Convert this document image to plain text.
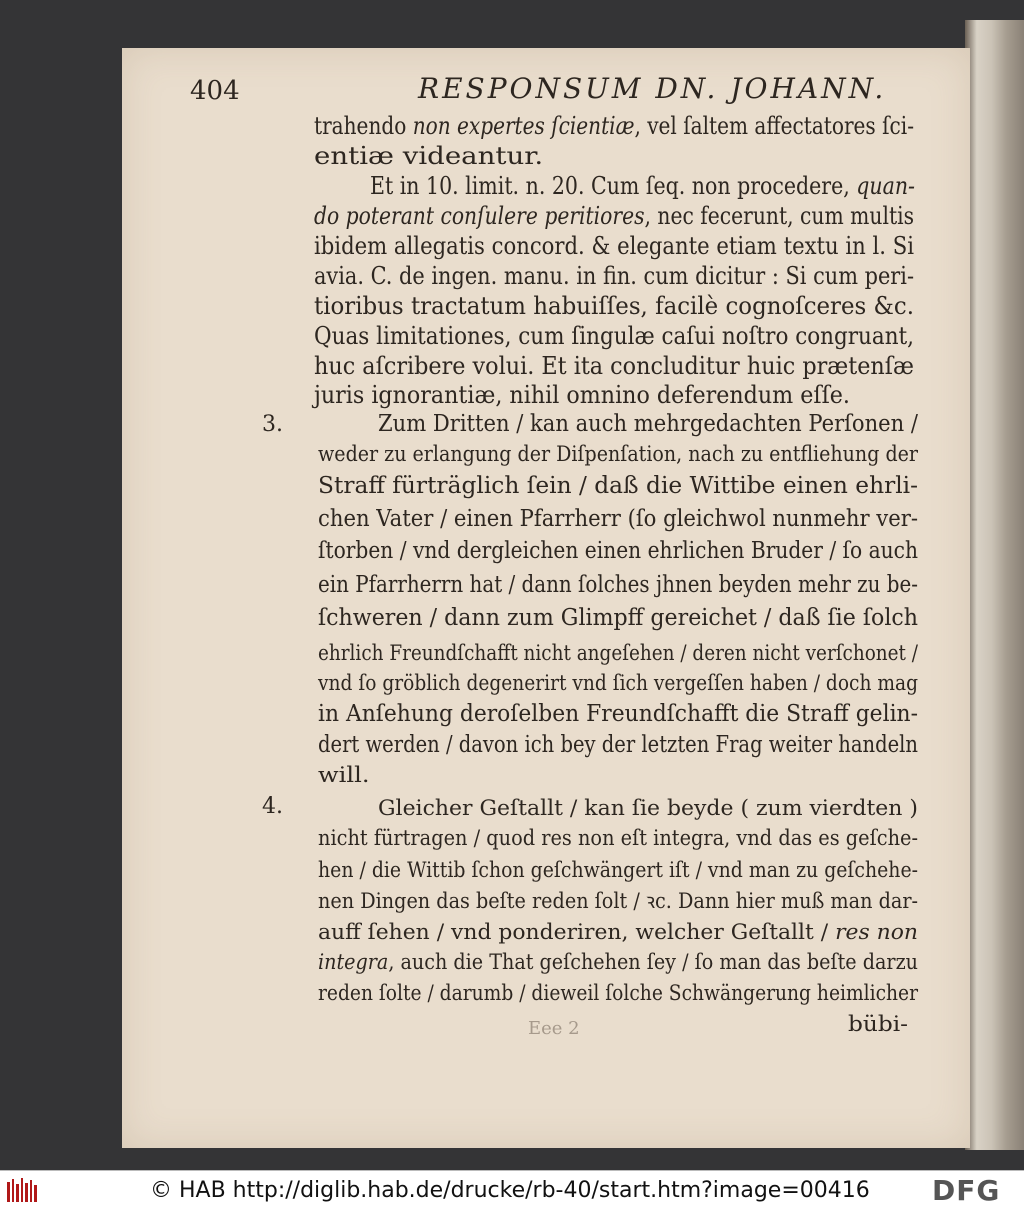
404	RESPONSUM DN. JOHANN.
3.
4.
trahendo non expertes ſcientiæ, vel ſaltem affectatores ſci-
entiæ videantur.
Et in 10. limit. n. 20. Cum ſeq. non procedere, quan-
do poterant conſulere peritiores, nec fecerunt, cum multis
ibidem allegatis concord. & elegante etiam textu in l. Si
avia. C. de ingen. manu. in fin. cum dicitur : Si cum peri-
tioribus tractatum habuiſſes, facilè cognoſceres &c.
Quas limitationes, cum ſingulæ caſui noſtro congruant,
huc aſcribere volui. Et ita concluditur huic prætenſæ
juris ignorantiæ, nihil omnino deferendum eſſe.
Zum Dritten / kan auch mehrgedachten Perſonen /
weder zu erlangung der Diſpenſation, nach zu entfliehung der
Straff fürträglich ſein / daß die Wittibe einen ehrli-
chen Vater / einen Pfarrherr (ſo gleichwol nunmehr ver-
ſtorben / vnd dergleichen einen ehrlichen Bruder / ſo auch
ein Pfarrherrn hat / dann ſolches jhnen beyden mehr zu be-
ſchweren / dann zum Glimpff gereichet / daß ſie ſolch
ehrlich Freundſchafft nicht angeſehen / deren nicht verſchonet /
vnd ſo gröblich degenerirt vnd ſich vergeſſen haben / doch mag
in Anſehung deroſelben Freundſchafft die Straff gelin-
dert werden / davon ich bey der letzten Frag weiter handeln
will.
Gleicher Geſtallt / kan ſie beyde ( zum vierdten )
nicht fürtragen / quod res non eſt integra, vnd das es geſche-
hen / die Wittib ſchon geſchwängert iſt / vnd man zu geſchehe-
nen Dingen das beſte reden ſolt / ꝛc. Dann hier muß man dar-
auff ſehen / vnd ponderiren, welcher Geſtallt / res non
integra, auch die That geſchehen ſey / ſo man das beſte darzu
reden ſolte / darumb / dieweil ſolche Schwängerung heimlicher
bübi-
Eee 2
© HAB http://diglib.hab.de/drucke/rb-40/start.htm?image=00416 DFG
